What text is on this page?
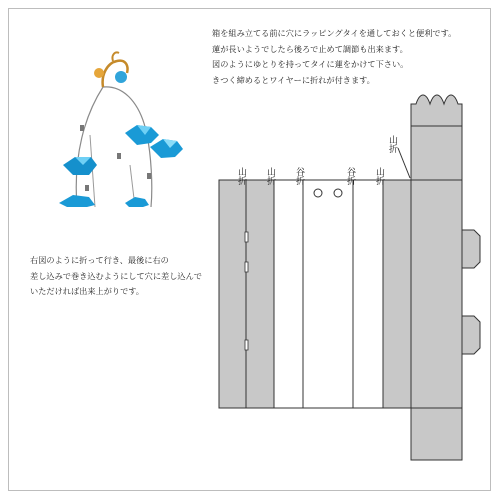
箱を組み立てる前に穴にラッピングタイを通しておくと便利です。
蓮が長いようでしたら後ろで止めて調節も出来ます。
図のようにゆとりを持ってタイに蓮をかけて下さい。
きつく締めるとワイヤーに折れが付きます。
右図のように折って行き、最後に右の
差し込みで巻き込むようにして穴に差し込んで
いただければ出来上がりです。
山折 山折 谷折	谷折 山折
山折
